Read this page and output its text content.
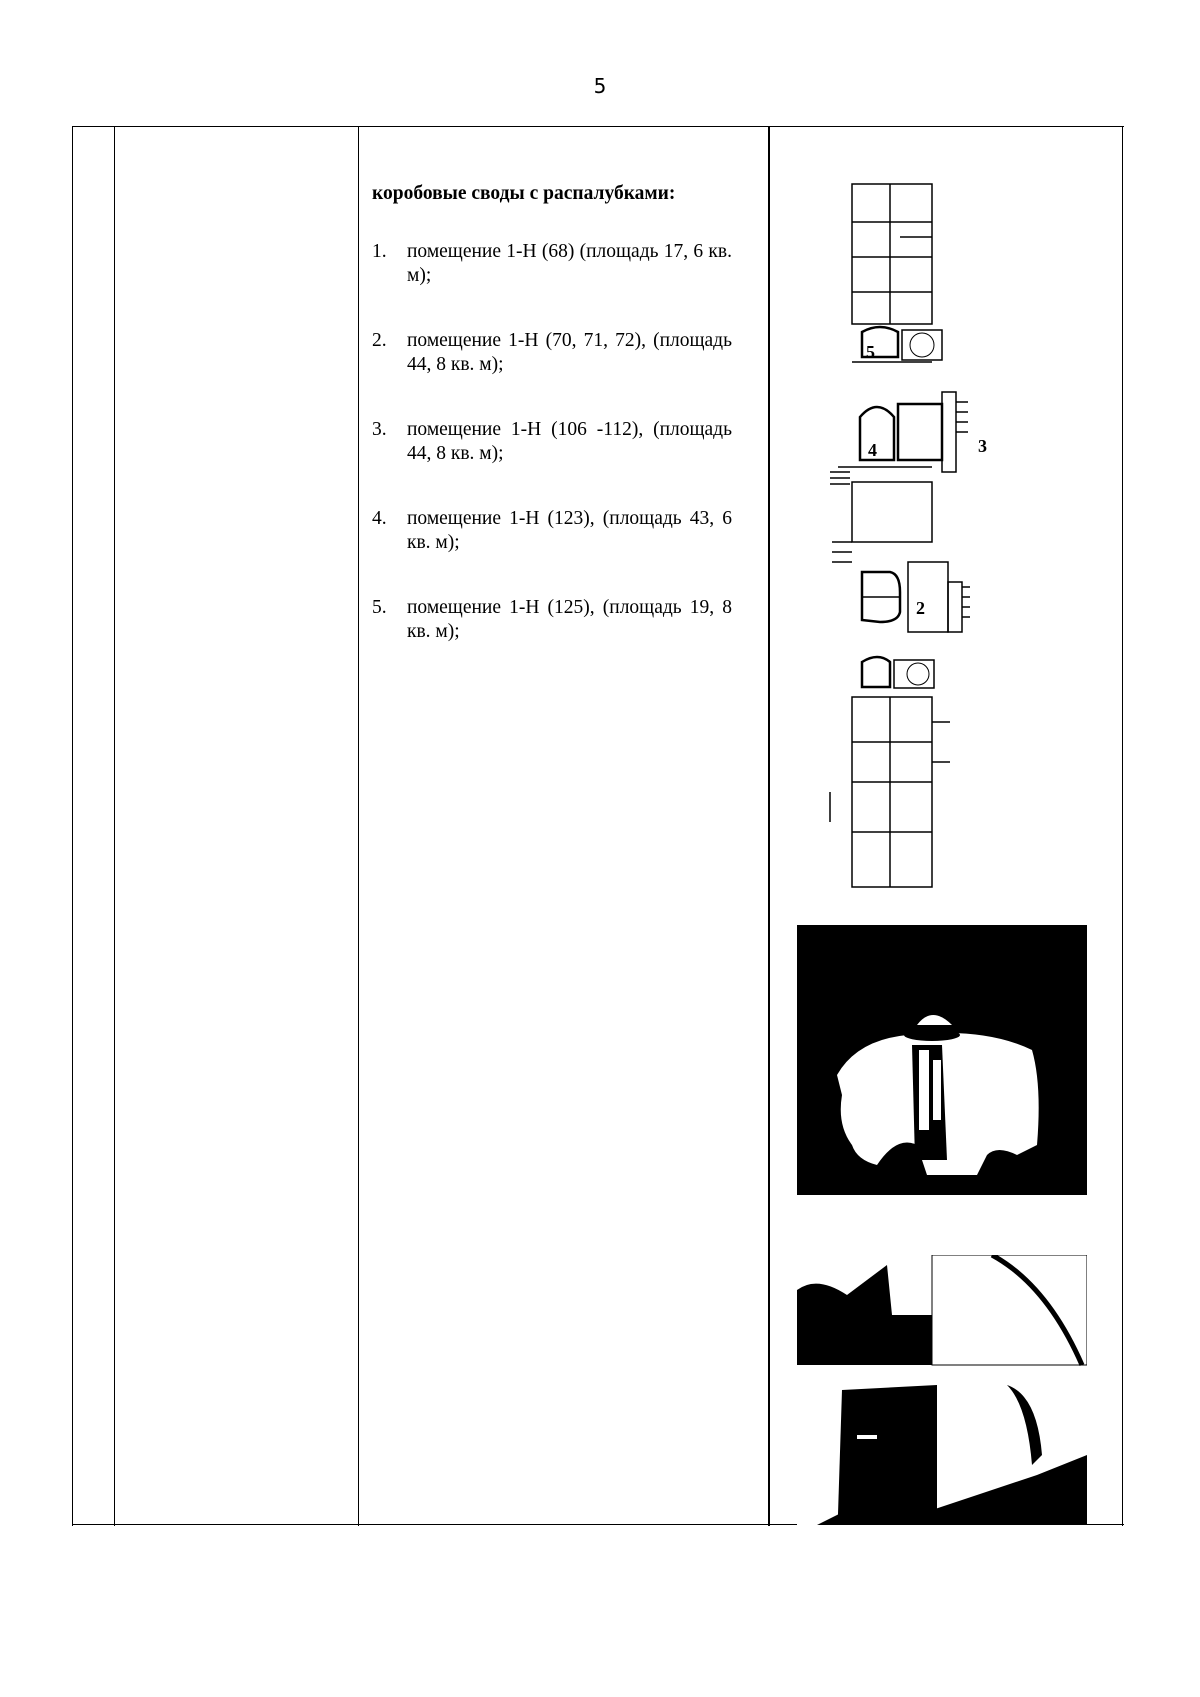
5
коробовые своды с распалубками:
1. помещение 1-Н (68) (площадь 17, 6 кв. м);
2. помещение 1-Н (70, 71, 72), (площадь 44, 8 кв. м);
3. помещение 1-Н (106 -112), (площадь 44, 8 кв. м);
4. помещение 1-Н (123), (площадь 43, 6 кв. м);
5. помещение 1-Н (125), (площадь 19, 8 кв. м);
5
4	3
2
